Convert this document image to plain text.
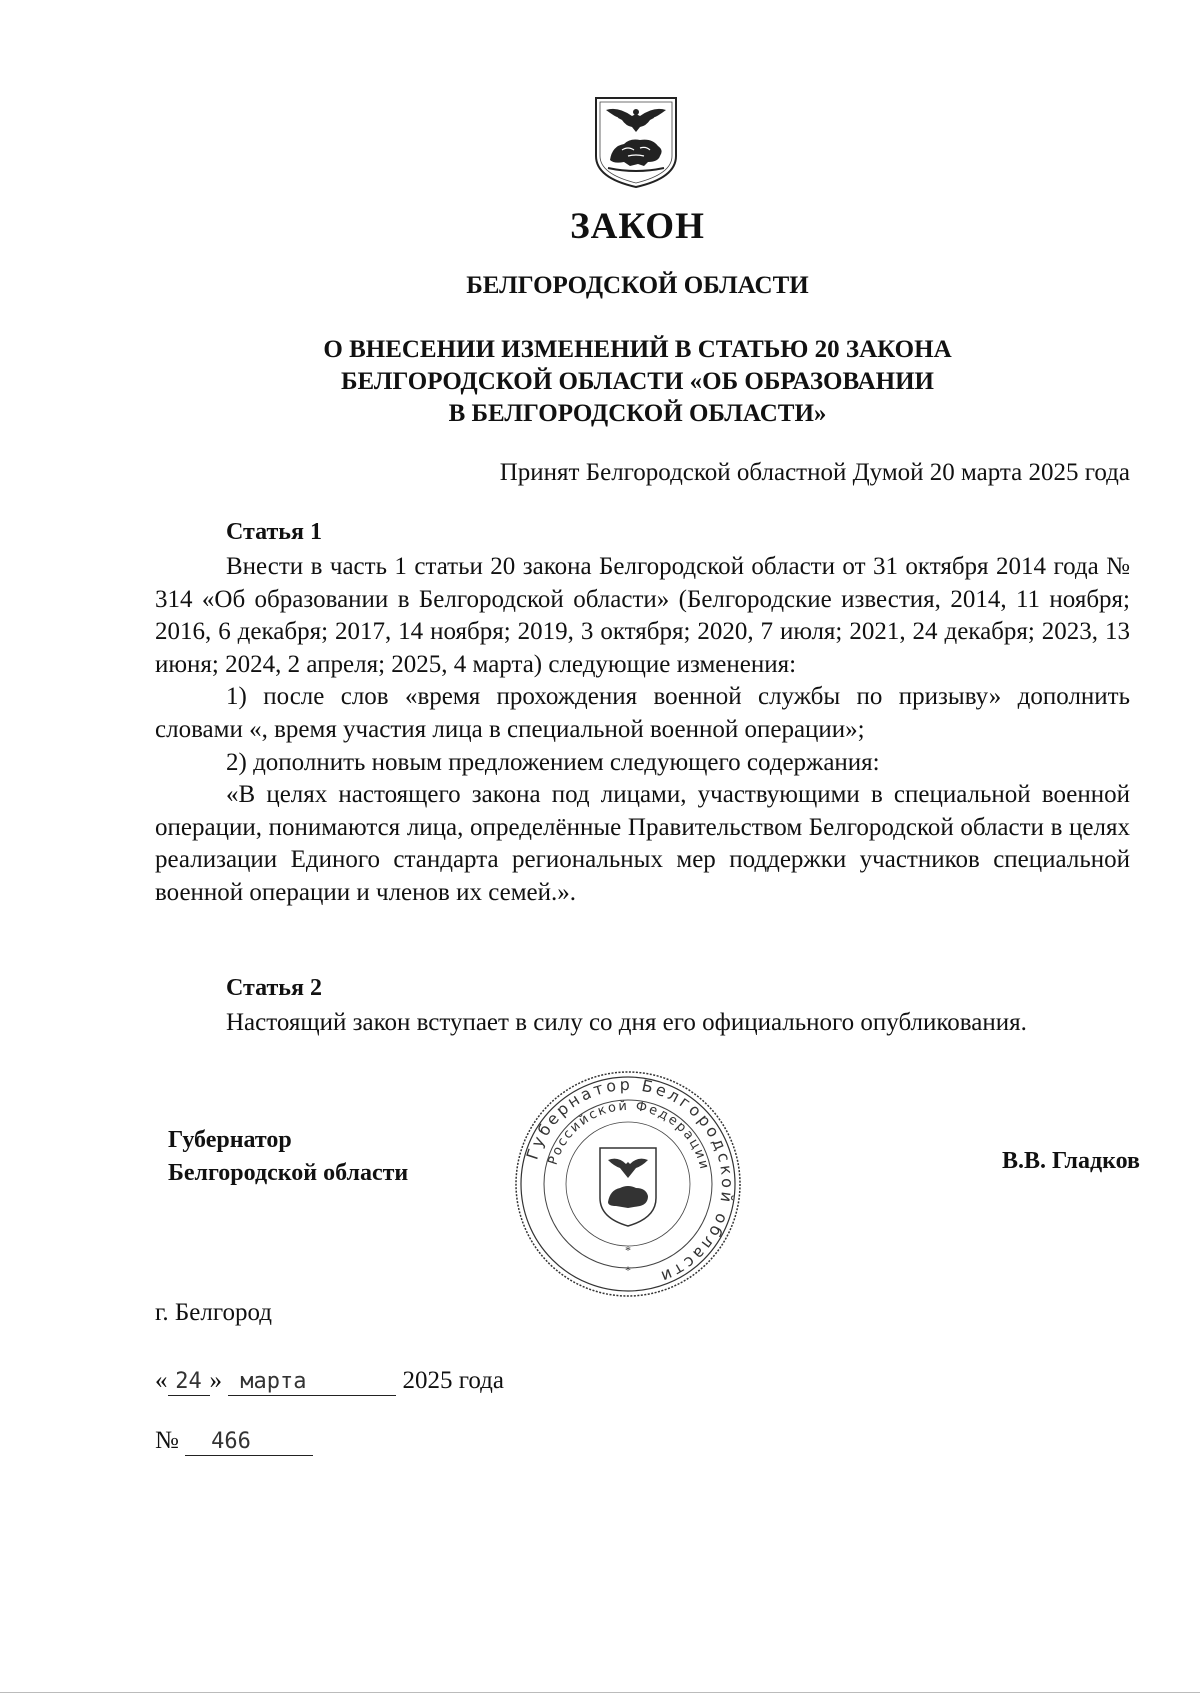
ЗАКОН
БЕЛГОРОДСКОЙ ОБЛАСТИ
О ВНЕСЕНИИ ИЗМЕНЕНИЙ В СТАТЬЮ 20 ЗАКОНА
БЕЛГОРОДСКОЙ ОБЛАСТИ «ОБ ОБРАЗОВАНИИ
В БЕЛГОРОДСКОЙ ОБЛАСТИ»
Принят Белгородской областной Думой 20 марта 2025 года
Статья 1

Внести в часть 1 статьи 20 закона Белгородской области от 31 октября 2014 года № 314 «Об образовании в Белгородской области» (Белгородские известия, 2014, 11 ноября; 2016, 6 декабря; 2017, 14 ноября; 2019, 3 октября; 2020, 7 июля; 2021, 24 декабря; 2023, 13 июня; 2024, 2 апреля; 2025, 4 марта) следующие изменения:

1) после слов «время прохождения военной службы по призыву» дополнить словами «, время участия лица в специальной военной операции»;

2) дополнить новым предложением следующего содержания:

«В целях настоящего закона под лицами, участвующими в специальной военной операции, понимаются лица, определённые Правительством Белгородской области в целях реализации Единого стандарта региональных мер поддержки участников специальной военной операции и членов их семей.».

Статья 2

Настоящий закон вступает в силу со дня его официального опубликования.

Губернатор
Белгородской области	В.В. Гладков
Губернатор Белгородской области
Российской Федерации
*
*
г. Белгород
« 24 » марта	2025 года
№ 466
